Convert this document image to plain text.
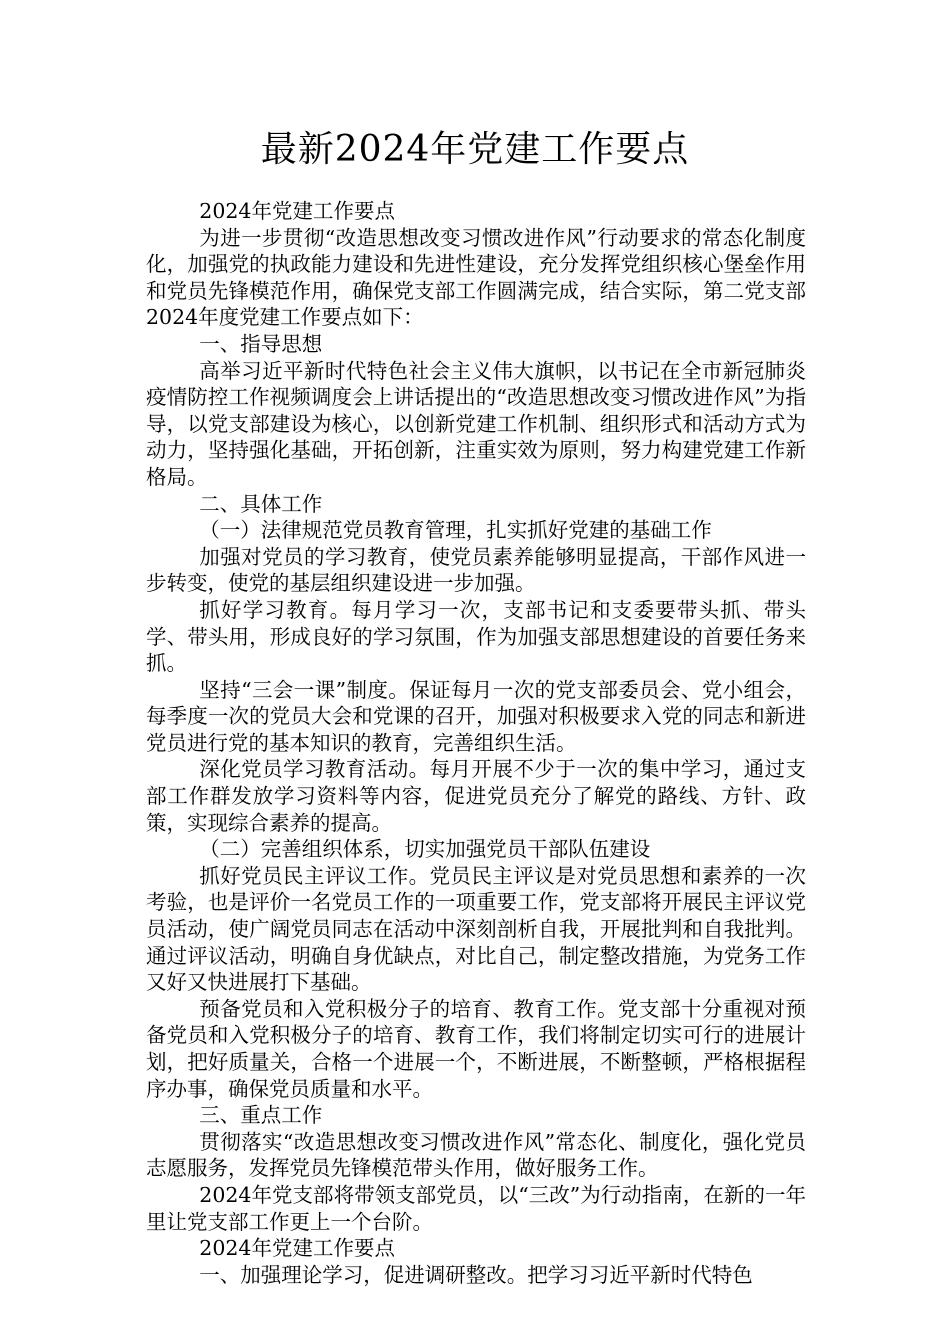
最新2024年党建工作要点

2024年党建工作要点

为进一步贯彻“改造思想改变习惯改进作风”行动要求的常态化制度化，加强党的执政能力建设和先进性建设，充分发挥党组织核心堡垒作用和党员先锋模范作用，确保党支部工作圆满完成，结合实际，第二党支部2024年度党建工作要点如下：

一、指导思想

高举习近平新时代特色社会主义伟大旗帜，以书记在全市新冠肺炎疫情防控工作视频调度会上讲话提出的“改造思想改变习惯改进作风”为指导，以党支部建设为核心，以创新党建工作机制、组织形式和活动方式为动力，坚持强化基础，开拓创新，注重实效为原则，努力构建党建工作新格局。

二、具体工作

（一）法律规范党员教育管理，扎实抓好党建的基础工作

加强对党员的学习教育，使党员素养能够明显提高，干部作风进一步转变，使党的基层组织建设进一步加强。

抓好学习教育。每月学习一次，支部书记和支委要带头抓、带头学、带头用，形成良好的学习氛围，作为加强支部思想建设的首要任务来抓。

坚持“三会一课”制度。保证每月一次的党支部委员会、党小组会，每季度一次的党员大会和党课的召开，加强对积极要求入党的同志和新进党员进行党的基本知识的教育，完善组织生活。

深化党员学习教育活动。每月开展不少于一次的集中学习，通过支部工作群发放学习资料等内容，促进党员充分了解党的路线、方针、政策，实现综合素养的提高。

（二）完善组织体系，切实加强党员干部队伍建设

抓好党员民主评议工作。党员民主评议是对党员思想和素养的一次考验，也是评价一名党员工作的一项重要工作，党支部将开展民主评议党员活动，使广阔党员同志在活动中深刻剖析自我，开展批判和自我批判。通过评议活动，明确自身优缺点，对比自己，制定整改措施，为党务工作又好又快进展打下基础。

预备党员和入党积极分子的培育、教育工作。党支部十分重视对预备党员和入党积极分子的培育、教育工作，我们将制定切实可行的进展计划，把好质量关，合格一个进展一个，不断进展，不断整顿，严格根据程序办事，确保党员质量和水平。

三、重点工作

贯彻落实“改造思想改变习惯改进作风”常态化、制度化，强化党员志愿服务，发挥党员先锋模范带头作用，做好服务工作。

2024年党支部将带领支部党员，以“三改”为行动指南，在新的一年里让党支部工作更上一个台阶。

2024年党建工作要点

一、加强理论学习，促进调研整改。把学习习近平新时代特色
